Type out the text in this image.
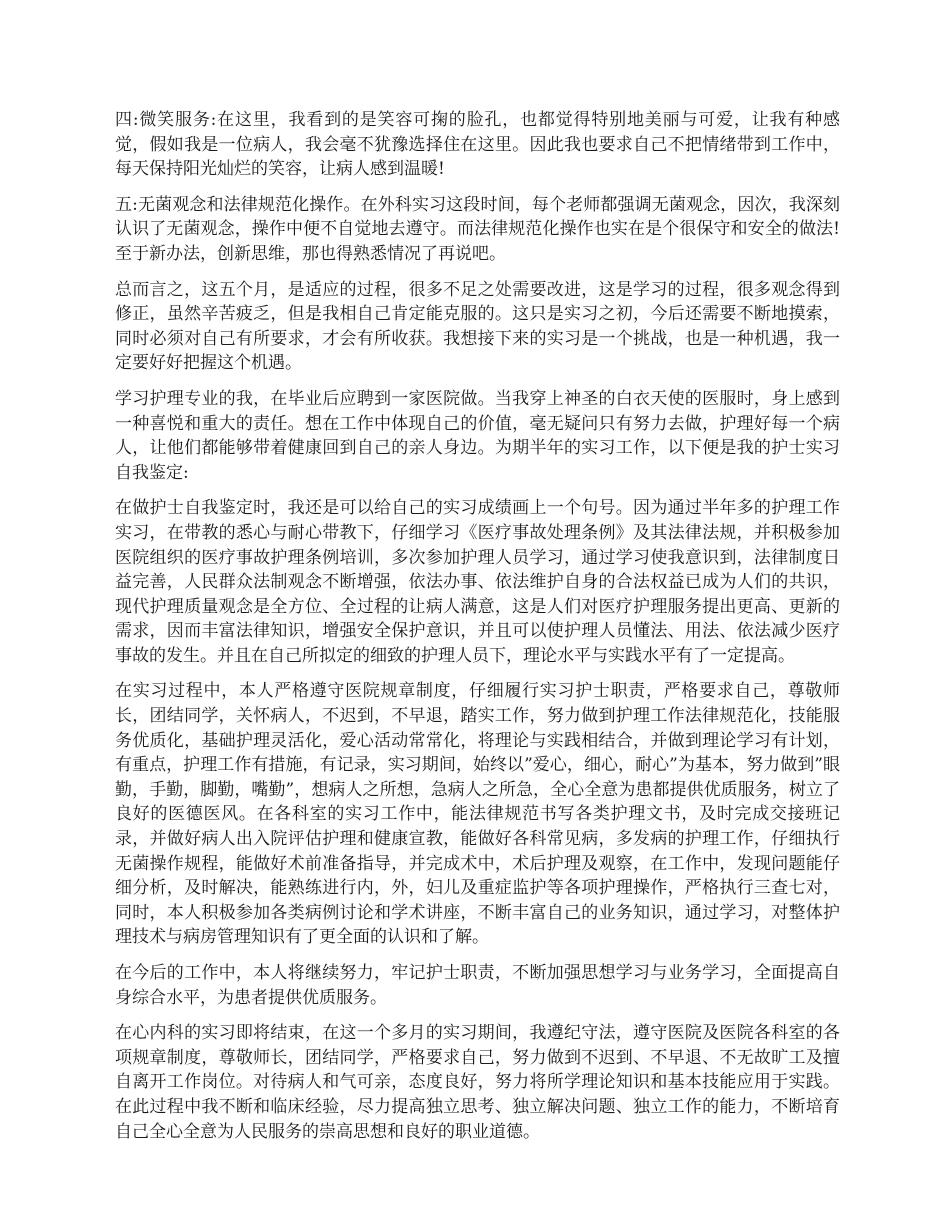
四:微笑服务:在这里，我看到的是笑容可掬的脸孔，也都觉得特别地美丽与可爱，让我有种感觉，假如我是一位病人，我会毫不犹豫选择住在这里。因此我也要求自己不把情绪带到工作中，每天保持阳光灿烂的笑容，让病人感到温暖!

五:无菌观念和法律规范化操作。在外科实习这段时间，每个老师都强调无菌观念，因次，我深刻认识了无菌观念，操作中便不自觉地去遵守。而法律规范化操作也实在是个很保守和安全的做法!至于新办法，创新思维，那也得熟悉情况了再说吧。

总而言之，这五个月，是适应的过程，很多不足之处需要改进，这是学习的过程，很多观念得到修正，虽然辛苦疲乏，但是我相自己肯定能克服的。这只是实习之初，今后还需要不断地摸索，同时必须对自己有所要求，才会有所收获。我想接下来的实习是一个挑战，也是一种机遇，我一定要好好把握这个机遇。

学习护理专业的我，在毕业后应聘到一家医院做。当我穿上神圣的白衣天使的医服时，身上感到一种喜悦和重大的责任。想在工作中体现自己的价值，毫无疑问只有努力去做，护理好每一个病人，让他们都能够带着健康回到自己的亲人身边。为期半年的实习工作，以下便是我的护士实习自我鉴定:

在做护士自我鉴定时，我还是可以给自己的实习成绩画上一个句号。因为通过半年多的护理工作实习，在带教的悉心与耐心带教下，仔细学习《医疗事故处理条例》及其法律法规，并积极参加医院组织的医疗事故护理条例培训，多次参加护理人员学习，通过学习使我意识到，法律制度日益完善，人民群众法制观念不断增强，依法办事、依法维护自身的合法权益已成为人们的共识，现代护理质量观念是全方位、全过程的让病人满意，这是人们对医疗护理服务提出更高、更新的需求，因而丰富法律知识，增强安全保护意识，并且可以使护理人员懂法、用法、依法减少医疗事故的发生。并且在自己所拟定的细致的护理人员下，理论水平与实践水平有了一定提高。

在实习过程中，本人严格遵守医院规章制度，仔细履行实习护士职责，严格要求自己，尊敬师长，团结同学，关怀病人，不迟到，不早退，踏实工作，努力做到护理工作法律规范化，技能服务优质化，基础护理灵活化，爱心活动常常化，将理论与实践相结合，并做到理论学习有计划，有重点，护理工作有措施，有记录，实习期间，始终以”爱心，细心，耐心”为基本，努力做到”眼勤，手勤，脚勤，嘴勤”，想病人之所想，急病人之所急，全心全意为患都提供优质服务，树立了良好的医德医风。在各科室的实习工作中，能法律规范书写各类护理文书，及时完成交接班记录，并做好病人出入院评估护理和健康宣教，能做好各科常见病，多发病的护理工作，仔细执行无菌操作规程，能做好术前准备指导，并完成术中，术后护理及观察，在工作中，发现问题能仔细分析，及时解决，能熟练进行内，外，妇儿及重症监护等各项护理操作，严格执行三查七对，同时，本人积极参加各类病例讨论和学术讲座，不断丰富自己的业务知识，通过学习，对整体护理技术与病房管理知识有了更全面的认识和了解。

在今后的工作中，本人将继续努力，牢记护士职责，不断加强思想学习与业务学习，全面提高自身综合水平，为患者提供优质服务。

在心内科的实习即将结束，在这一个多月的实习期间，我遵纪守法，遵守医院及医院各科室的各项规章制度，尊敬师长，团结同学，严格要求自己，努力做到不迟到、不早退、不无故旷工及擅自离开工作岗位。对待病人和气可亲，态度良好，努力将所学理论知识和基本技能应用于实践。在此过程中我不断和临床经验，尽力提高独立思考、独立解决问题、独立工作的能力，不断培育自己全心全意为人民服务的崇高思想和良好的职业道德。
